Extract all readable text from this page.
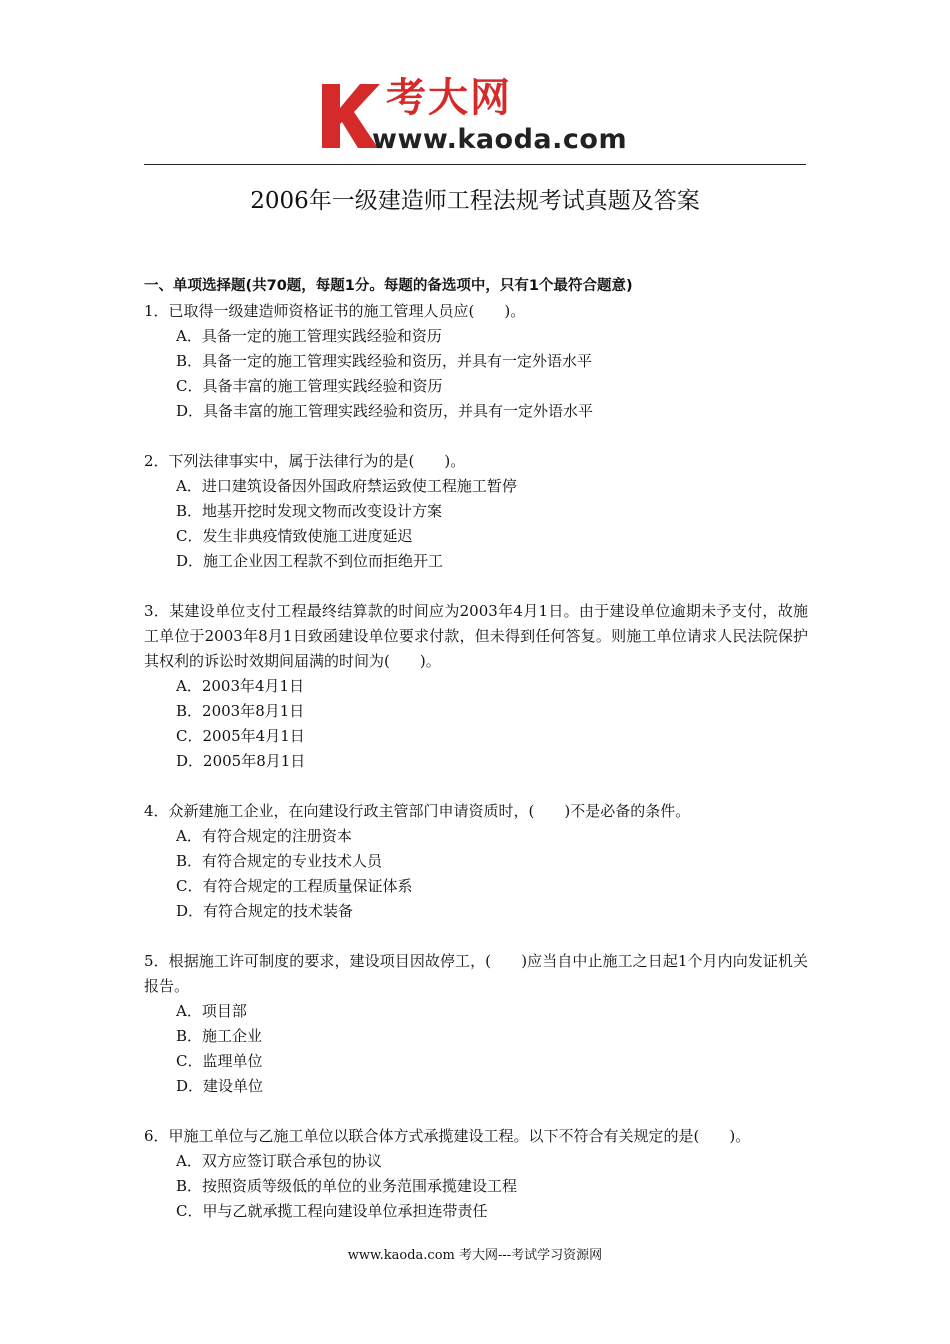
考大网
www.kaoda.com
2006年一级建造师工程法规考试真题及答案
一、单项选择题(共70题，每题1分。每题的备选项中，只有1个最符合题意)
1．已取得一级建造师资格证书的施工管理人员应(　　)。
A．具备一定的施工管理实践经验和资历
B．具备一定的施工管理实践经验和资历，并具有一定外语水平
C．具备丰富的施工管理实践经验和资历
D．具备丰富的施工管理实践经验和资历，并具有一定外语水平
2．下列法律事实中，属于法律行为的是(　　)。
A．进口建筑设备因外国政府禁运致使工程施工暂停
B．地基开挖时发现文物而改变设计方案
C．发生非典疫情致使施工进度延迟
D．施工企业因工程款不到位而拒绝开工
3．某建设单位支付工程最终结算款的时间应为2003年4月1日。由于建设单位逾期未予支付，故施工单位于2003年8月1日致函建设单位要求付款，但未得到任何答复。则施工单位请求人民法院保护其权利的诉讼时效期间届满的时间为(　　)。
A．2003年4月1日
B．2003年8月1日
C．2005年4月1日
D．2005年8月1日
4．众新建施工企业，在向建设行政主管部门申请资质时，(　　)不是必备的条件。
A．有符合规定的注册资本
B．有符合规定的专业技术人员
C．有符合规定的工程质量保证体系
D．有符合规定的技术装备
5．根据施工许可制度的要求，建设项目因故停工，(　　)应当自中止施工之日起1个月内向发证机关报告。
A．项目部
B．施工企业
C．监理单位
D．建设单位
6．甲施工单位与乙施工单位以联合体方式承揽建设工程。以下不符合有关规定的是(　　)。
A．双方应签订联合承包的协议
B．按照资质等级低的单位的业务范围承揽建设工程
C．甲与乙就承揽工程向建设单位承担连带责任
www.kaoda.com 考大网---考试学习资源网
